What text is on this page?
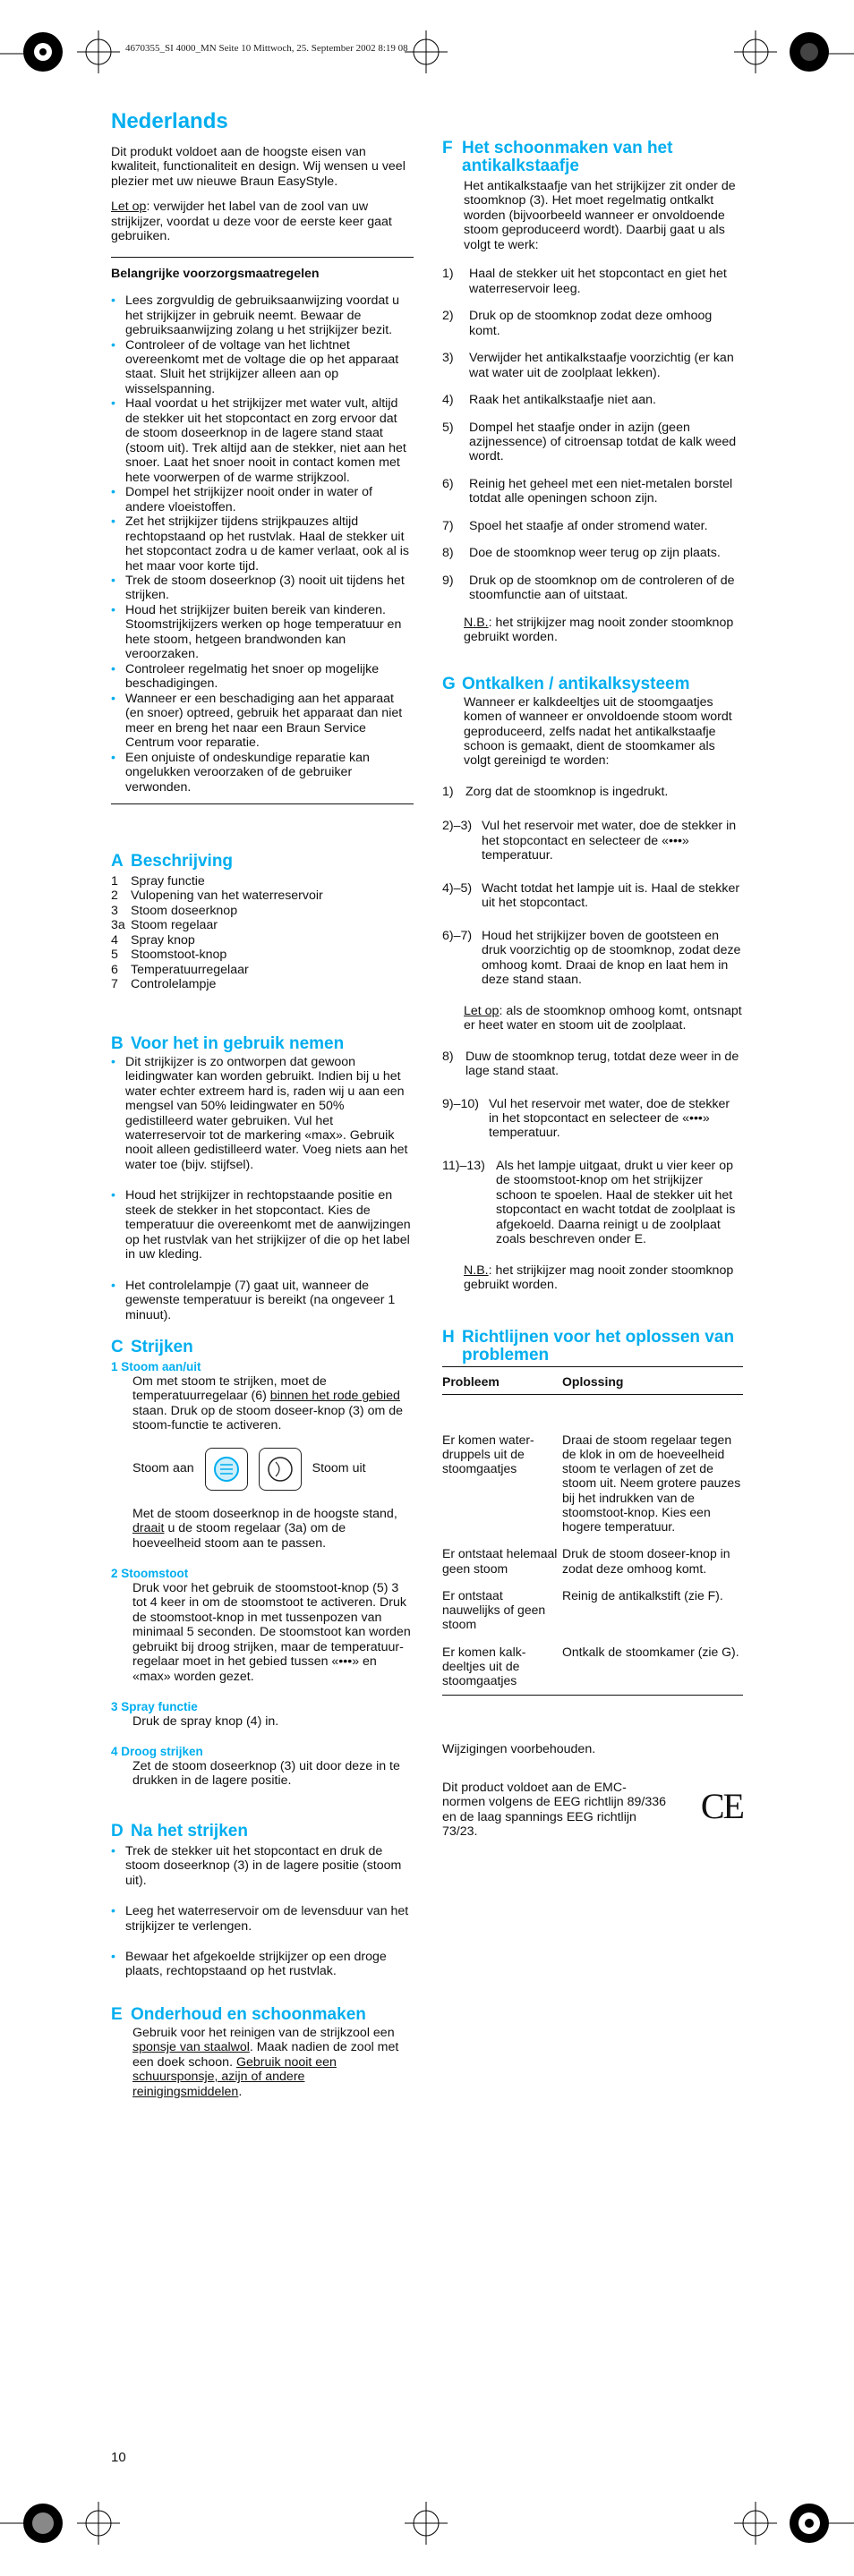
4670355_SI 4000_MN Seite 10 Mittwoch, 25. September 2002 8:19 08
Nederlands

Dit produkt voldoet aan de hoogste eisen van kwaliteit, functionaliteit en design. Wij wensen u veel plezier met uw nieuwe Braun EasyStyle.

Let op: verwijder het label van de zool van uw strijkijzer, voordat u deze voor de eerste keer gaat gebruiken.

Belangrijke voorzorgsmaatregelen
• Lees zorgvuldig de gebruiksaanwijzing voordat u het strijkijzer in gebruik neemt. Bewaar de gebruiksaanwijzing zolang u het strijkijzer bezit.
• Controleer of de voltage van het lichtnet overeenkomt met de voltage die op het apparaat staat. Sluit het strijkijzer alleen aan op wisselspanning.
• Haal voordat u het strijkijzer met water vult, altijd de stekker uit het stopcontact en zorg ervoor dat de stoom doseerknop in de lagere stand staat (stoom uit). Trek altijd aan de stekker, niet aan het snoer. Laat het snoer nooit in contact komen met hete voorwerpen of de warme strijkzool.
• Dompel het strijkijzer nooit onder in water of andere vloeistoffen.
• Zet het strijkijzer tijdens strijkpauzes altijd rechtopstaand op het rustvlak. Haal de stekker uit het stopcontact zodra u de kamer verlaat, ook al is het maar voor korte tijd.
• Trek de stoom doseerknop (3) nooit uit tijdens het strijken.
• Houd het strijkijzer buiten bereik van kinderen. Stoomstrijkijzers werken op hoge temperatuur en hete stoom, hetgeen brandwonden kan veroorzaken.
• Controleer regelmatig het snoer op mogelijke beschadigingen.
• Wanneer er een beschadiging aan het apparaat (en snoer) optreed, gebruik het apparaat dan niet meer en breng het naar een Braun Service Centrum voor reparatie.
• Een onjuiste of ondeskundige reparatie kan ongelukken veroorzaken of de gebruiker verwonden.
A Beschrijving
1 Spray functie
2 Vulopening van het waterreservoir
3 Stoom doseerknop
3a Stoom regelaar
4 Spray knop
5 Stoomstoot-knop
6 Temperatuurregelaar
7 Controlelampje
B Voor het in gebruik nemen
• Dit strijkijzer is zo ontworpen dat gewoon leidingwater kan worden gebruikt. Indien bij u het water echter extreem hard is, raden wij u aan een mengsel van 50% leidingwater en 50% gedistilleerd water gebruiken. Vul het waterreservoir tot de markering «max». Gebruik nooit alleen gedistilleerd water. Voeg niets aan het water toe (bijv. stijfsel).
• Houd het strijkijzer in rechtopstaande positie en steek de stekker in het stopcontact. Kies de temperatuur die overeenkomt met de aanwijzingen op het rustvlak van het strijkijzer of die op het label in uw kleding.
• Het controlelampje (7) gaat uit, wanneer de gewenste temperatuur is bereikt (na ongeveer 1 minuut).
C Strijken
1 Stoom aan/uit
Om met stoom te strijken, moet de temperatuurregelaar (6) binnen het rode gebied staan. Druk op de stoom doseer-knop (3) om de stoom-functie te activeren.
Stoom aan	Stoom uit
Met de stoom doseerknop in de hoogste stand, draait u de stoom regelaar (3a) om de hoeveelheid stoom aan te passen.
2 Stoomstoot
Druk voor het gebruik de stoomstoot-knop (5) 3 tot 4 keer in om de stoomstoot te activeren. Druk de stoomstoot-knop in met tussenpozen van minimaal 5 seconden. De stoomstoot kan worden gebruikt bij droog strijken, maar de temperatuur-regelaar moet in het gebied tussen «•••» en «max» worden gezet.
3 Spray functie
Druk de spray knop (4) in.
4 Droog strijken
Zet de stoom doseerknop (3) uit door deze in te drukken in de lagere positie.
D Na het strijken
• Trek de stekker uit het stopcontact en druk de stoom doseerknop (3) in de lagere positie (stoom uit).
• Leeg het waterreservoir om de levensduur van het strijkijzer te verlengen.
• Bewaar het afgekoelde strijkijzer op een droge plaats, rechtopstaand op het rustvlak.
E Onderhoud en schoonmaken
Gebruik voor het reinigen van de strijkzool een sponsje van staalwol. Maak nadien de zool met een doek schoon. Gebruik nooit een schuursponsje, azijn of andere reinigingsmiddelen.
F Het schoonmaken van het antikalkstaafje
Het antikalkstaafje van het strijkijzer zit onder de stoomknop (3). Het moet regelmatig ontkalkt worden (bijvoorbeeld wanneer er onvoldoende stoom geproduceerd wordt). Daarbij gaat u als volgt te werk:
1)	Haal de stekker uit het stopcontact en giet het waterreservoir leeg.
2)	Druk op de stoomknop zodat deze omhoog komt.
3)	Verwijder het antikalkstaafje voorzichtig (er kan wat water uit de zoolplaat lekken).
4)	Raak het antikalkstaafje niet aan.
5)	Dompel het staafje onder in azijn (geen azijnessence) of citroensap totdat de kalk weed wordt.
6)	Reinig het geheel met een niet-metalen borstel totdat alle openingen schoon zijn.
7)	Spoel het staafje af onder stromend water.
8)	Doe de stoomknop weer terug op zijn plaats.
9)	Druk op de stoomknop om de controleren of de stoomfunctie aan of uitstaat.
N.B.: het strijkijzer mag nooit zonder stoomknop gebruikt worden.
G Ontkalken / antikalksysteem
Wanneer er kalkdeeltjes uit de stoomgaatjes komen of wanneer er onvoldoende stoom wordt geproduceerd, zelfs nadat het antikalkstaafje schoon is gemaakt, dient de stoomkamer als volgt gereinigd te worden:
1) Zorg dat de stoomknop is ingedrukt.
2)–3) Vul het reservoir met water, doe de stekker in het stopcontact en selecteer de «•••» temperatuur.
4)–5) Wacht totdat het lampje uit is. Haal de stekker uit het stopcontact.
6)–7) Houd het strijkijzer boven de gootsteen en druk voorzichtig op de stoomknop, zodat deze omhoog komt. Draai de knop en laat hem in deze stand staan.
Let op: als de stoomknop omhoog komt, ontsnapt er heet water en stoom uit de zoolplaat.
8) Duw de stoomknop terug, totdat deze weer in de lage stand staat.
9)–10) Vul het reservoir met water, doe de stekker in het stopcontact en selecteer de «•••» temperatuur.
11)–13) Als het lampje uitgaat, drukt u vier keer op de stoomstoot-knop om het strijkijzer schoon te spoelen. Haal de stekker uit het stopcontact en wacht totdat de zoolplaat is afgekoeld. Daarna reinigt u de zoolplaat zoals beschreven onder E.
N.B.: het strijkijzer mag nooit zonder stoomknop gebruikt worden.
H Richtlijnen voor het oplossen van problemen
Probleem	Oplossing
Er komen water-druppels uit de stoomgaatjes	Draai de stoom regelaar tegen de klok in om de hoeveelheid stoom te verlagen of zet de stoom uit. Neem grotere pauzes bij het indrukken van de stoomstoot-knop. Kies een hogere temperatuur.
Er ontstaat helemaal geen stoom	Druk de stoom doseer-knop in zodat deze omhoog komt.
Er ontstaat nauwelijks of geen stoom	Reinig de antikalkstift (zie F).
Er komen kalk-deeltjes uit de stoomgaatjes	Ontkalk de stoomkamer (zie G).

Wijzigingen voorbehouden.

Dit product voldoet aan de EMC-normen volgens de EEG richtlijn 89/336 en de laag spannings EEG richtlijn 73/23.
CE
10
